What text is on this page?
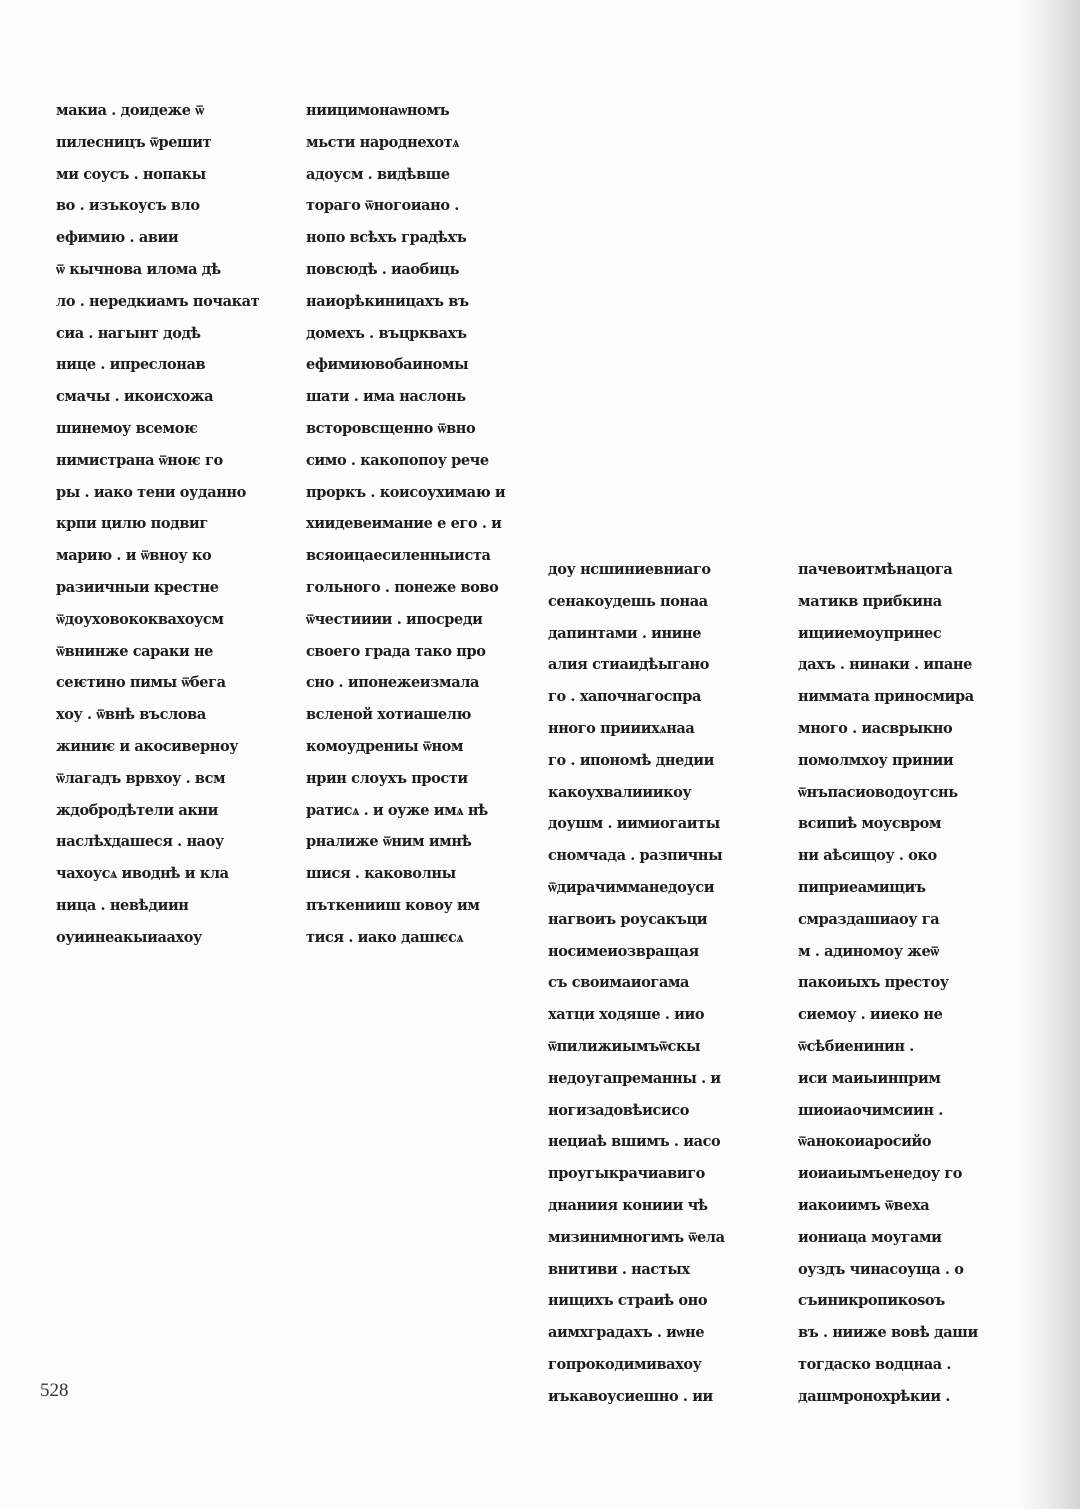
макиа . доидеже ѿ
пилесницъ ѿрешит
ми соусъ . нопакы
во . изъкоусъ вло
ефимию . авии
ѿ кычнова илома дѣ
ло . нередкиамъ почакат
сиа . нагынт додѣ
нице . ипреслонав
смачы . икоисхожа
шинемоу всемоѥ
нимистрана ѿноѥ го
ры . иако тени оуданно
крпи цилю подвиг
марию . и ѿвноу ко
разиичныи крестне
ѿдоуховококвахоусм
ѿвнинже сараки не
сеѥтино пимы ѿбега
хоу . ѿвнѣ въслова
жиниѥ и акосиверноу
ѿлагадъ врвхоу . всм
ждобродѣтели акни
наслѣхдашеся . наоу
чахоусѧ иводнѣ и кла
ница . невѣдиин
оуиинеакыиаахоу
ниицимонаѡномъ
мьсти народнехотѧ
адоусм . видѣвше
тораго ѿногоиано .
нопо всѣхъ градѣхъ
повсюдѣ . иаобиць
наиорѣкиницахъ въ
домехъ . въцрквахъ
ефимиювобаиномы
шати . има наслонь
всторовсщенно ѿвно
симо . какопопоу рече
проркъ . коисоухимаю и
хиидевеимание е его . и
всяоицаесиленныиста
гольного . понеже вово
ѿчестииии . ипосреди
своего града тако про
сно . ипонежеизмала
всленой хотиашелю
комоудрениы ѿном
нрин слоухъ прости
ратисѧ . и оуже имѧ нѣ
рналиже ѿним имнѣ
шися . каковолны
пъткенииш ковоу им
тися . иако дашѥсѧ
доу нсшиниевниаго
сенакоудешь понаа
дапинтами . инине
алия стиаидѣыгано
го . хапочнагоспра
нного прииихѧнаа
го . ипономѣ днедии
какоухвалииикоу
доушм . иимиогаиты
сномчада . разпичны
ѿдирачимманедоуси
нагвоиъ роусакъци
носимеиозвращая
съ своимаиогама
хатци ходяше . иио
ѿпилижиымъѿскы
недоугапреманны . и
ногизадовѣисисо
нециаѣ вшимъ . иасо
проугыкрачиавиго
днаниия кониии чѣ
мизинимногимъ ѿела
внитиви . настых
нищихъ страиѣ оно
аимхградахъ . иѡне
гопрокодимивахоу
иъкавоусиешно . ии
пачевоитмѣнацога
матикв прибкина
ищииемоупринес
дахъ . нинаки . ипане
ниммата приносмира
много . иасврыкно
помолмхоу принии
ѿнъпасиоводоугснь
всипиѣ моусвром
ни аѣсищоу . око
пиприеамищиъ
смраздашиаоу га
м . адиномоу жеѿ
пакоиыхъ престоу
сиемоу . ииеко не
ѿсѣбиенинин .
иси маиыинприм
шиоиаочимсиин .
ѿанокоиаросийо
иоиаиымъенедоу го
иакоиимъ ѿвеха
иониаца моугами
оуздъ чинасоуща . о
съиникропикоѕоъ
въ . нииже вовѣ даши
тогдаско водцнаа .
дашмронохрѣкии .
528
